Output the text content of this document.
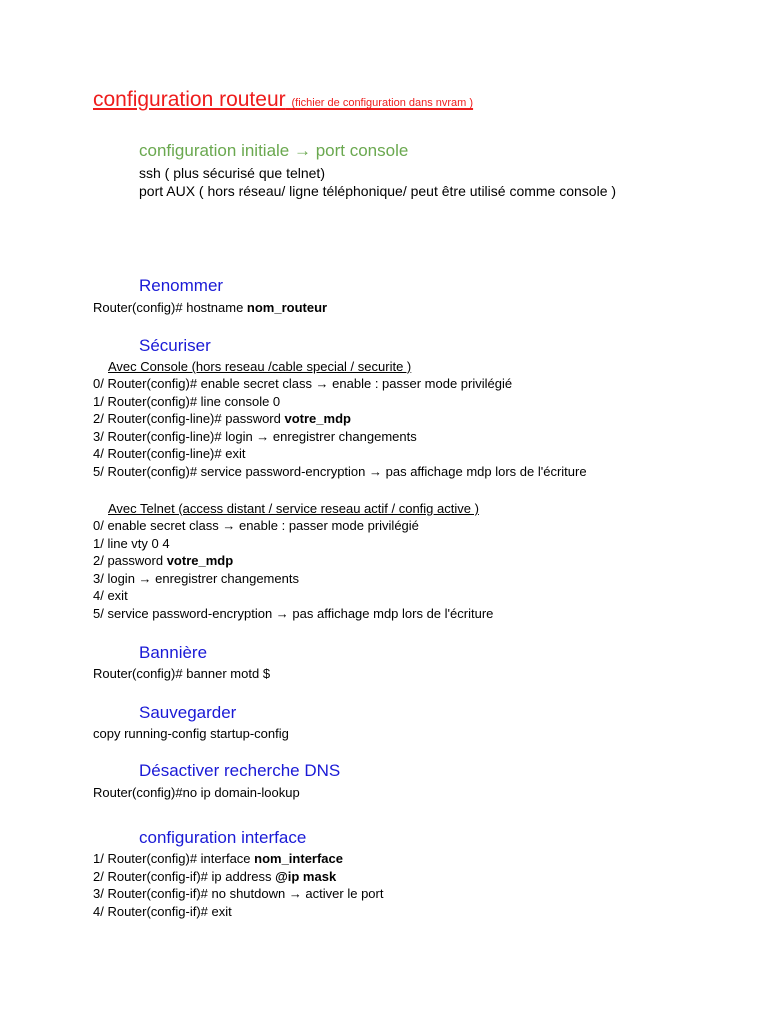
configuration routeur (fichier de configuration dans nvram )
configuration initiale → port console
ssh ( plus sécurisé que telnet)
port AUX ( hors réseau/ ligne téléphonique/ peut être utilisé comme console )
Renommer
Router(config)# hostname nom_routeur
Sécuriser
Avec Console (hors reseau /cable special / securite )
0/ Router(config)# enable secret class → enable : passer mode privilégié
1/ Router(config)# line console 0
2/ Router(config-line)# password votre_mdp
3/ Router(config-line)# login → enregistrer changements
4/ Router(config-line)# exit
5/ Router(config)# service password-encryption → pas affichage mdp lors de l'écriture
Avec Telnet (access distant / service reseau actif / config active )
0/ enable secret class → enable : passer mode privilégié
1/ line vty 0 4
2/ password votre_mdp
3/ login → enregistrer changements
4/ exit
5/ service password-encryption → pas affichage mdp lors de l'écriture
Bannière
Router(config)# banner motd $
Sauvegarder
copy running-config startup-config
Désactiver recherche DNS
Router(config)#no ip domain-lookup
configuration interface
1/ Router(config)# interface nom_interface
2/ Router(config-if)# ip address @ip mask
3/ Router(config-if)# no shutdown → activer le port
4/ Router(config-if)# exit
